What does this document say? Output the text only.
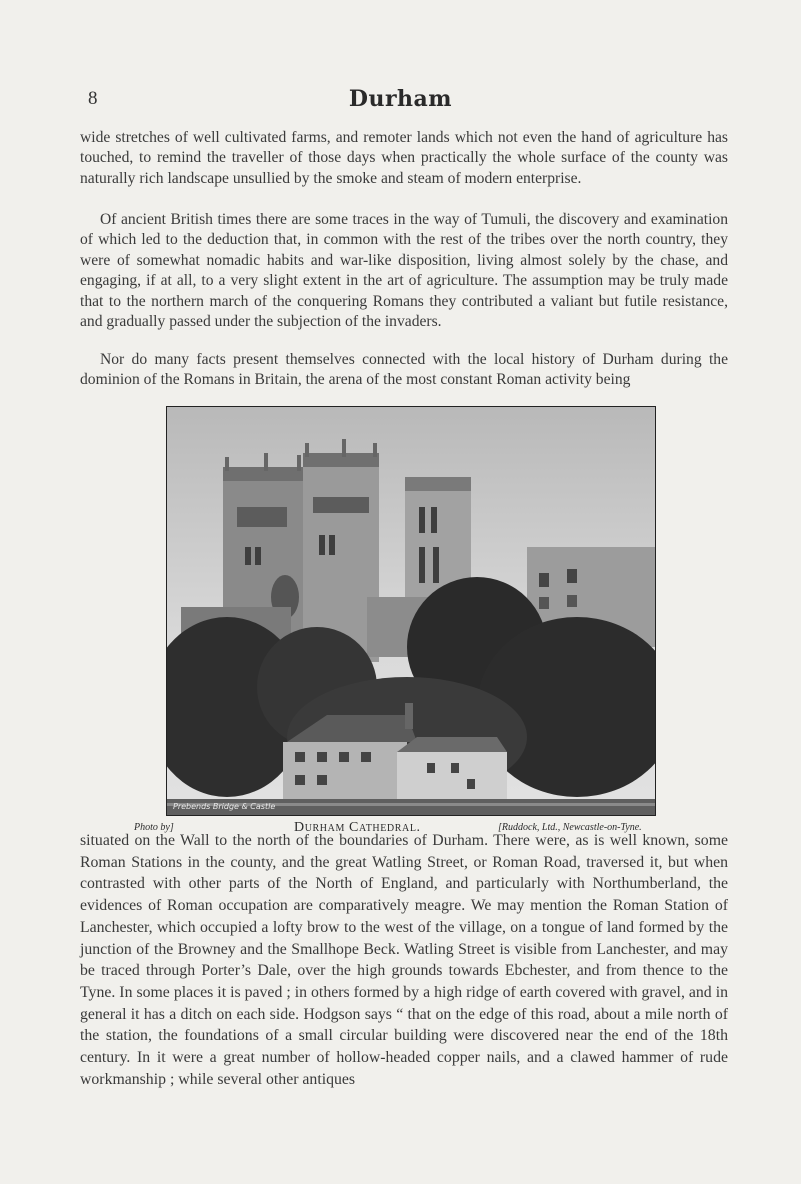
8	Durham

wide stretches of well cultivated farms, and remoter lands which not even the hand of agriculture has touched, to remind the traveller of those days when practically the whole surface of the county was naturally rich landscape unsullied by the smoke and steam of modern enterprise.

Of ancient British times there are some traces in the way of Tumuli, the discovery and examination of which led to the deduction that, in common with the rest of the tribes over the north country, they were of somewhat nomadic habits and war-like disposition, living almost solely by the chase, and engaging, if at all, to a very slight extent in the art of agriculture. The assumption may be truly made that to the northern march of the conquering Romans they contributed a valiant but futile resistance, and gradually passed under the subjection of the invaders.

Nor do many facts present themselves connected with the local history of Durham during the dominion of the Romans in Britain, the arena of the most constant Roman activity being

Prebends Bridge & Castle
Photo by]	Durham Cathedral.	[Ruddock, Ltd., Newcastle-on-Tyne.

situated on the Wall to the north of the boundaries of Durham. There were, as is well known, some Roman Stations in the county, and the great Watling Street, or Roman Road, traversed it, but when contrasted with other parts of the North of England, and particularly with Northumberland, the evidences of Roman occupation are comparatively meagre. We may mention the Roman Station of Lanchester, which occupied a lofty brow to the west of the village, on a tongue of land formed by the junction of the Browney and the Smallhope Beck. Watling Street is visible from Lanchester, and may be traced through Porter’s Dale, over the high grounds towards Ebchester, and from thence to the Tyne. In some places it is paved ; in others formed by a high ridge of earth covered with gravel, and in general it has a ditch on each side. Hodgson says “ that on the edge of this road, about a mile north of the station, the foundations of a small circular building were discovered near the end of the 18th century. In it were a great number of hollow-headed copper nails, and a clawed hammer of rude workmanship ; while several other antiques
